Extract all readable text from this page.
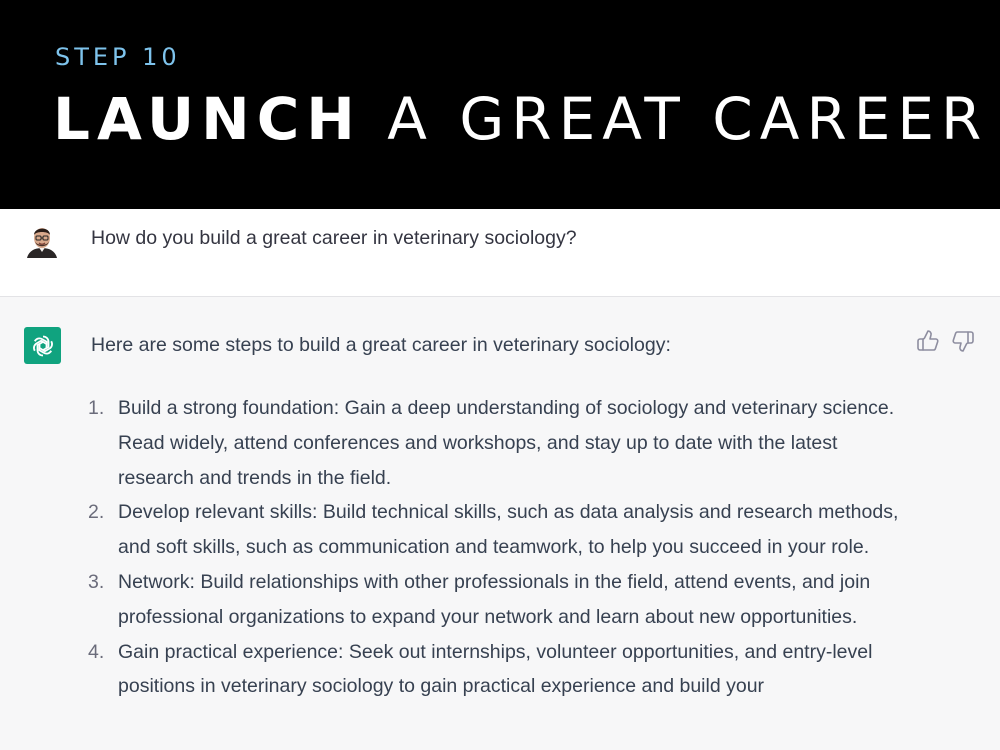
STEP 10
LAUNCH A GREAT CAREER
How do you build a great career in veterinary sociology?
Here are some steps to build a great career in veterinary sociology:
1. Build a strong foundation: Gain a deep understanding of sociology and veterinary science. Read widely, attend conferences and workshops, and stay up to date with the latest research and trends in the field.
2. Develop relevant skills: Build technical skills, such as data analysis and research methods, and soft skills, such as communication and teamwork, to help you succeed in your role.
3. Network: Build relationships with other professionals in the field, attend events, and join professional organizations to expand your network and learn about new opportunities.
4. Gain practical experience: Seek out internships, volunteer opportunities, and entry-level positions in veterinary sociology to gain practical experience and build your
